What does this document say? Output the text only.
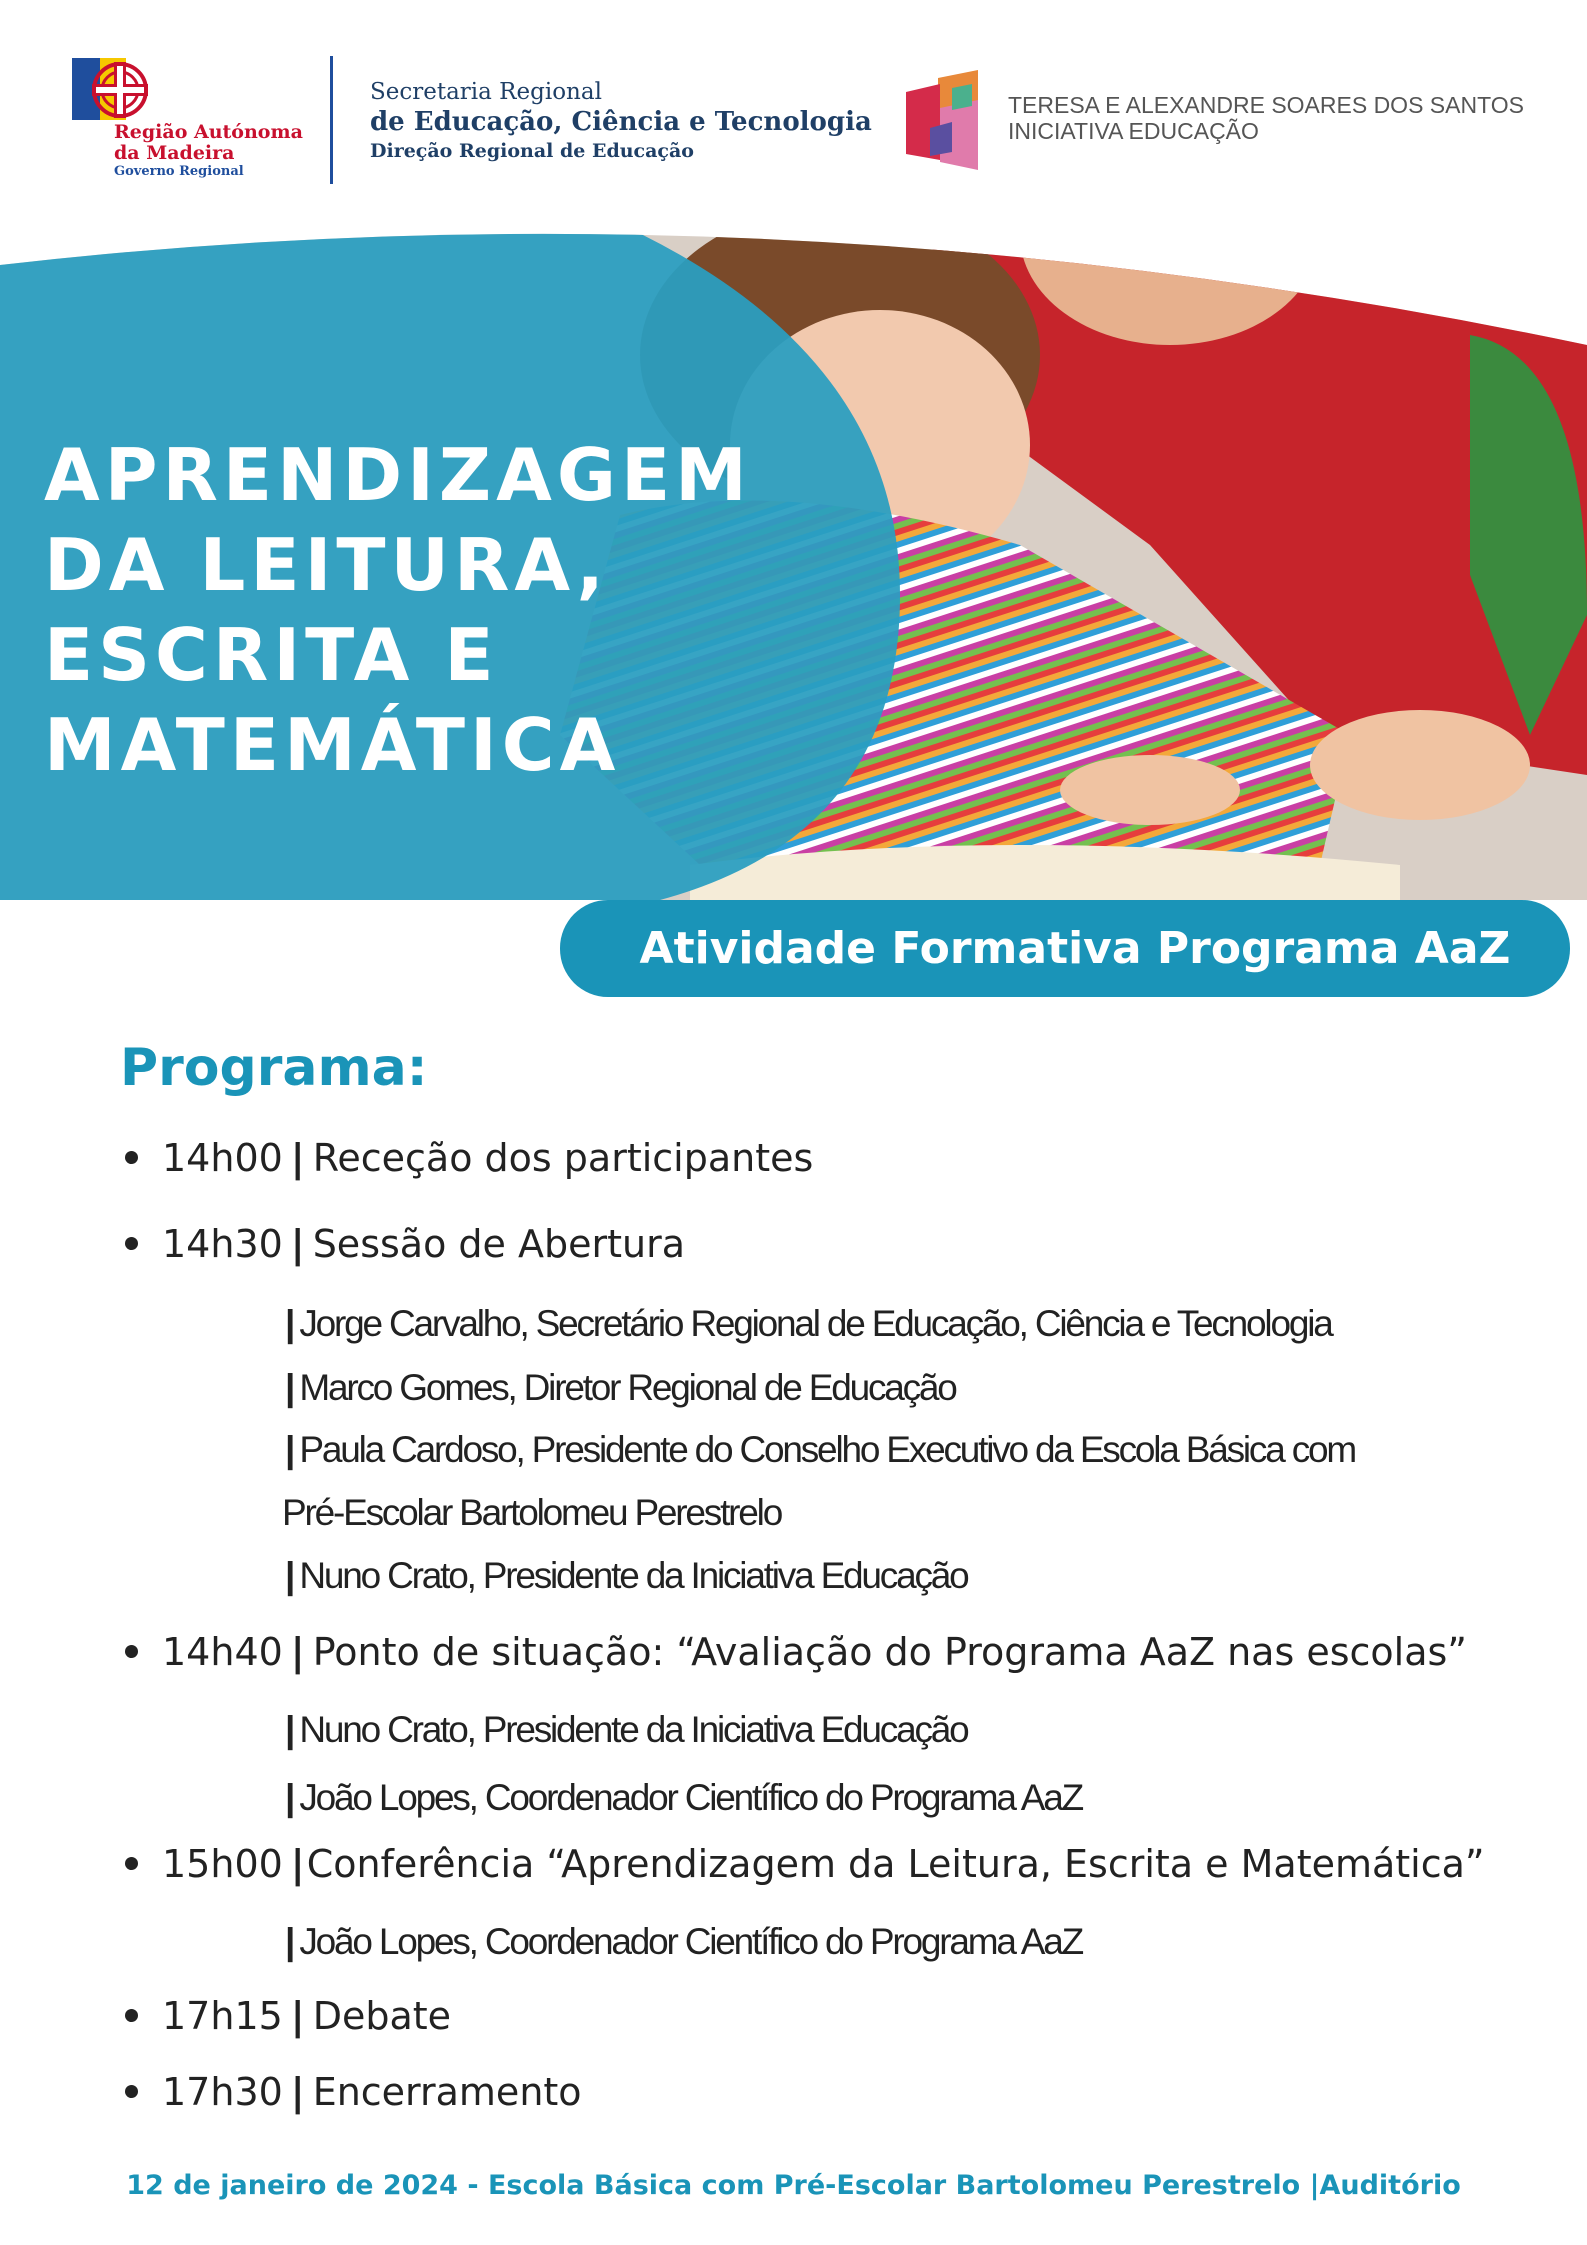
Região Autónoma
da Madeira
Governo Regional
Secretaria Regional
de Educação, Ciência e Tecnologia
Direção Regional de Educação
TERESA E ALEXANDRE SOARES DOS SANTOS
INICIATIVA EDUCAÇÃO
APRENDIZAGEM
DA LEITURA,
ESCRITA E
MATEMÁTICA
Atividade Formativa Programa AaZ
Programa:
14h00 | Receção dos participantes
14h30 | Sessão de Abertura
| Jorge Carvalho, Secretário Regional de Educação, Ciência e Tecnologia
| Marco Gomes, Diretor Regional de Educação
| Paula Cardoso, Presidente do Conselho Executivo da Escola Básica com
Pré-Escolar Bartolomeu Perestrelo
| Nuno Crato, Presidente da Iniciativa Educação
14h40 | Ponto de situação: “Avaliação do Programa AaZ nas escolas”
| Nuno Crato, Presidente da Iniciativa Educação
| João Lopes, Coordenador Científico do Programa AaZ
15h00 |Conferência “Aprendizagem da Leitura, Escrita e Matemática”
| João Lopes, Coordenador Científico do Programa AaZ
17h15 | Debate
17h30 | Encerramento
12 de janeiro de 2024 - Escola Básica com Pré-Escolar Bartolomeu Perestrelo |Auditório
